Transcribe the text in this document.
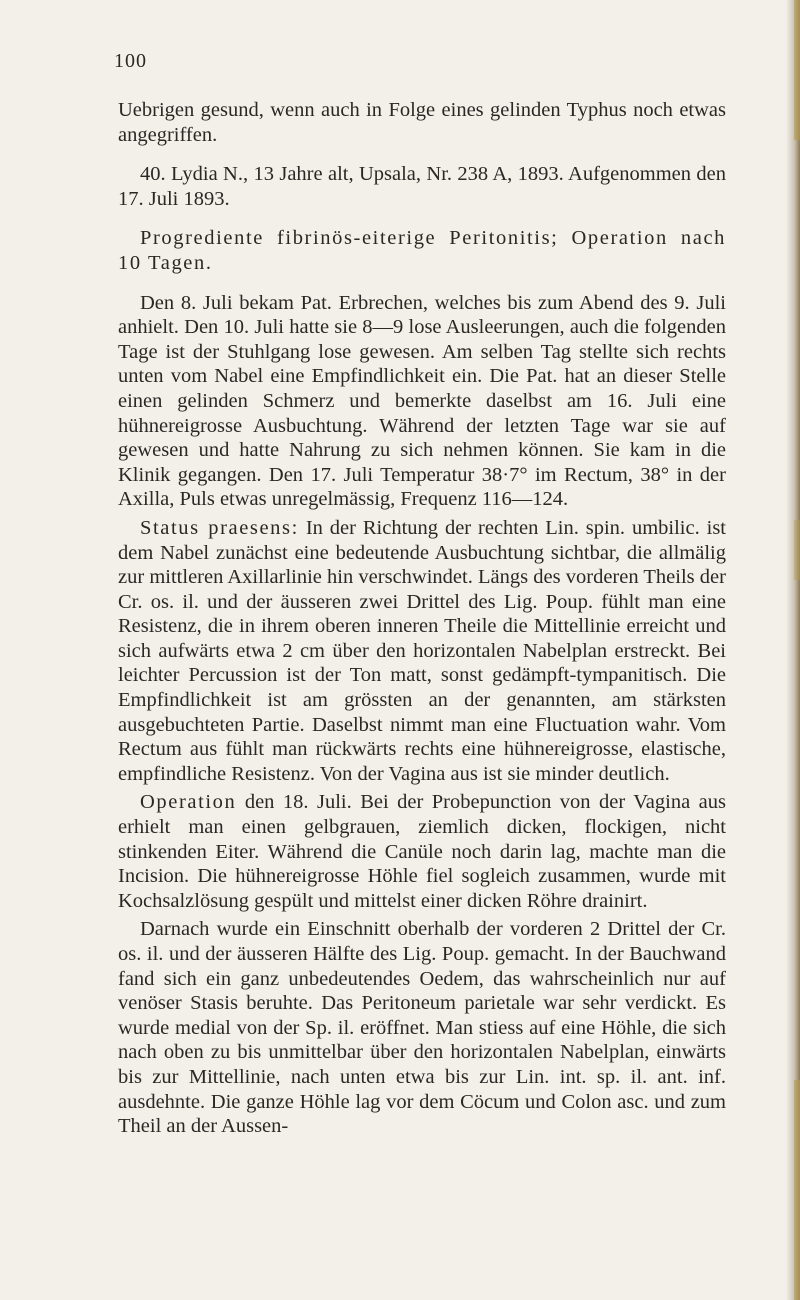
100

Uebrigen gesund, wenn auch in Folge eines gelinden Typhus noch etwas angegriffen.

40. Lydia N., 13 Jahre alt, Upsala, Nr. 238 A, 1893. Aufgenommen den 17. Juli 1893.

Progrediente fibrinös-eiterige Peritonitis; Operation nach 10 Tagen.

Den 8. Juli bekam Pat. Erbrechen, welches bis zum Abend des 9. Juli anhielt. Den 10. Juli hatte sie 8—9 lose Ausleerungen, auch die folgenden Tage ist der Stuhlgang lose gewesen. Am selben Tag stellte sich rechts unten vom Nabel eine Empfindlichkeit ein. Die Pat. hat an dieser Stelle einen gelinden Schmerz und bemerkte daselbst am 16. Juli eine hühnereigrosse Ausbuchtung. Während der letzten Tage war sie auf gewesen und hatte Nahrung zu sich nehmen können. Sie kam in die Klinik gegangen. Den 17. Juli Temperatur 38·7° im Rectum, 38° in der Axilla, Puls etwas unregelmässig, Frequenz 116—124.

Status praesens: In der Richtung der rechten Lin. spin. umbilic. ist dem Nabel zunächst eine bedeutende Ausbuchtung sichtbar, die allmälig zur mittleren Axillarlinie hin verschwindet. Längs des vorderen Theils der Cr. os. il. und der äusseren zwei Drittel des Lig. Poup. fühlt man eine Resistenz, die in ihrem oberen inneren Theile die Mittellinie erreicht und sich aufwärts etwa 2 cm über den horizontalen Nabelplan erstreckt. Bei leichter Percussion ist der Ton matt, sonst gedämpft-tympanitisch. Die Empfindlichkeit ist am grössten an der genannten, am stärksten ausgebuchteten Partie. Daselbst nimmt man eine Fluctuation wahr. Vom Rectum aus fühlt man rückwärts rechts eine hühnereigrosse, elastische, empfindliche Resistenz. Von der Vagina aus ist sie minder deutlich.

Operation den 18. Juli. Bei der Probepunction von der Vagina aus erhielt man einen gelbgrauen, ziemlich dicken, flockigen, nicht stinkenden Eiter. Während die Canüle noch darin lag, machte man die Incision. Die hühnereigrosse Höhle fiel sogleich zusammen, wurde mit Kochsalzlösung gespült und mittelst einer dicken Röhre drainirt.

Darnach wurde ein Einschnitt oberhalb der vorderen 2 Drittel der Cr. os. il. und der äusseren Hälfte des Lig. Poup. gemacht. In der Bauchwand fand sich ein ganz unbedeutendes Oedem, das wahrscheinlich nur auf venöser Stasis beruhte. Das Peritoneum parietale war sehr verdickt. Es wurde medial von der Sp. il. eröffnet. Man stiess auf eine Höhle, die sich nach oben zu bis unmittelbar über den horizontalen Nabelplan, einwärts bis zur Mittellinie, nach unten etwa bis zur Lin. int. sp. il. ant. inf. ausdehnte. Die ganze Höhle lag vor dem Cöcum und Colon asc. und zum Theil an der Aussen-
